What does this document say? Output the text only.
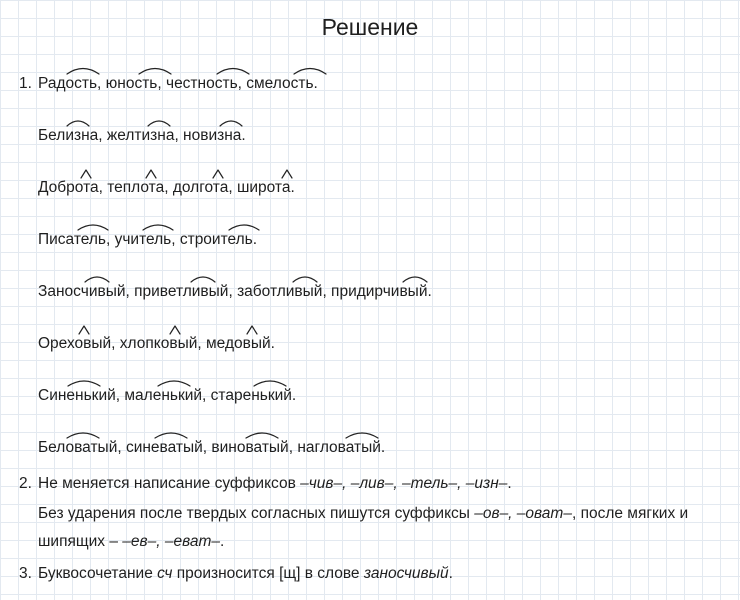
Решение
1. Радость, юность, честность, смелость.
Белизна, желтизна, новизна.
Доброта, теплота, долгота, широта.
Писатель, учитель, строитель.
Заносчивый, приветливый, заботливый, придирчивый.
Ореховый, хлопковый, медовый.
Синенький, маленький, старенький.
Беловатый, синеватый, виноватый, нагловатый.
2. Не меняется написание суффиксов –чив–, –лив–, –тель–, –изн–.
Без ударения после твердых согласных пишутся суффиксы –ов–, –оват–, после мягких и
шипящих – –ев–, –еват–.
3. Буквосочетание сч произносится [щ] в слове заносчивый.
